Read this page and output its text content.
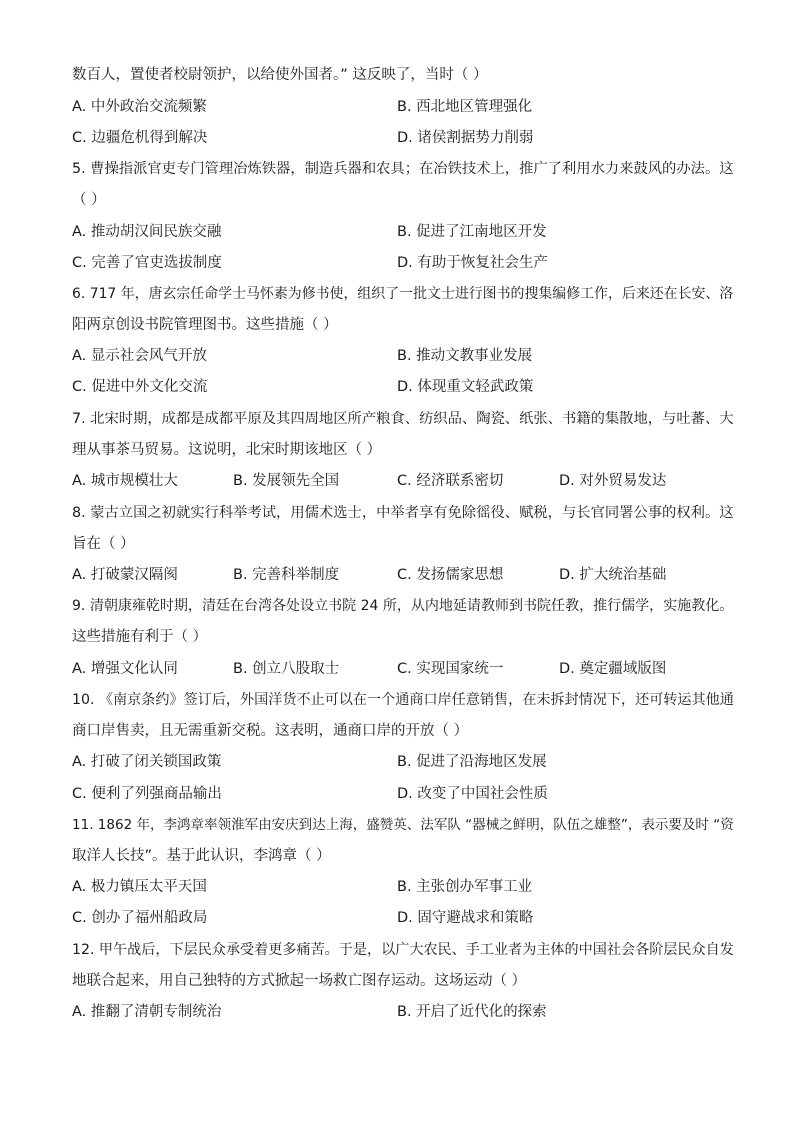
数百人，置使者校尉领护，以给使外国者。” 这反映了，当时（ ）
A. 中外政治交流频繁	B. 西北地区管理强化
C. 边疆危机得到解决	D. 诸侯割据势力削弱
5. 曹操指派官吏专门管理冶炼铁器，制造兵器和农具；在冶铁技术上，推广了利用水力来鼓风的办法。这
（ ）
A. 推动胡汉间民族交融	B. 促进了江南地区开发
C. 完善了官吏选拔制度	D. 有助于恢复社会生产
6. 717 年，唐玄宗任命学士马怀素为修书使，组织了一批文士进行图书的搜集编修工作，后来还在长安、洛
阳两京创设书院管理图书。这些措施（ ）
A. 显示社会风气开放	B. 推动文教事业发展
C. 促进中外文化交流	D. 体现重文轻武政策
7. 北宋时期，成都是成都平原及其四周地区所产粮食、纺织品、陶瓷、纸张、书籍的集散地，与吐蕃、大
理从事茶马贸易。这说明，北宋时期该地区（ ）
A. 城市规模壮大	B. 发展领先全国	C. 经济联系密切	D. 对外贸易发达
8. 蒙古立国之初就实行科举考试，用儒术选士，中举者享有免除徭役、赋税，与长官同署公事的权利。这
旨在（ ）
A. 打破蒙汉隔阂	B. 完善科举制度	C. 发扬儒家思想	D. 扩大统治基础
9. 清朝康雍乾时期，清廷在台湾各处设立书院 24 所，从内地延请教师到书院任教，推行儒学，实施教化。
这些措施有利于（ ）
A. 增强文化认同	B. 创立八股取士	C. 实现国家统一	D. 奠定疆域版图
10. 《南京条约》签订后，外国洋货不止可以在一个通商口岸任意销售，在未拆封情况下，还可转运其他通
商口岸售卖，且无需重新交税。这表明，通商口岸的开放（ ）
A. 打破了闭关锁国政策	B. 促进了沿海地区发展
C. 便利了列强商品输出	D. 改变了中国社会性质
11. 1862 年，李鸿章率领淮军由安庆到达上海，盛赞英、法军队 “器械之鲜明，队伍之雄整”，表示要及时 “资
取洋人长技”。基于此认识，李鸿章（ ）
A. 极力镇压太平天国	B. 主张创办军事工业
C. 创办了福州船政局	D. 固守避战求和策略
12. 甲午战后，下层民众承受着更多痛苦。于是，以广大农民、手工业者为主体的中国社会各阶层民众自发
地联合起来，用自己独特的方式掀起一场救亡图存运动。这场运动（ ）
A. 推翻了清朝专制统治	B. 开启了近代化的探索
